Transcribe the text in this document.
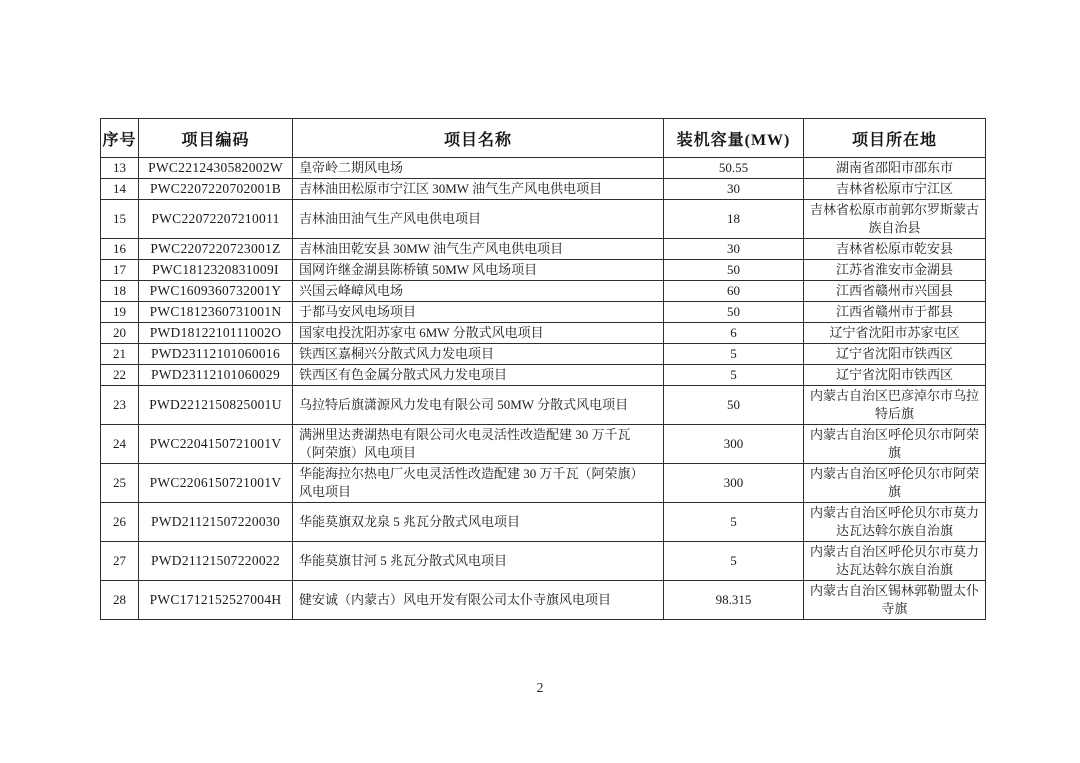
序号	项目编码	项目名称	装机容量(MW)	项目所在地
13	PWC2212430582002W	皇帝岭二期风电场	50.55	湖南省邵阳市邵东市
14	PWC2207220702001B	吉林油田松原市宁江区 30MW 油气生产风电供电项目	30	吉林省松原市宁江区
15	PWC22072207210011	吉林油田油气生产风电供电项目	18	吉林省松原市前郭尔罗斯蒙古族自治县
16	PWC2207220723001Z	吉林油田乾安县 30MW 油气生产风电供电项目	30	吉林省松原市乾安县
17	PWC1812320831009I	国网许继金湖县陈桥镇 50MW 风电场项目	50	江苏省淮安市金湖县
18	PWC1609360732001Y	兴国云峰嶂风电场	60	江西省赣州市兴国县
19	PWC1812360731001N	于都马安风电场项目	50	江西省赣州市于都县
20	PWD1812210111002O	国家电投沈阳苏家屯 6MW 分散式风电项目	6	辽宁省沈阳市苏家屯区
21	PWD23112101060016	铁西区嘉桐兴分散式风力发电项目	5	辽宁省沈阳市铁西区
22	PWD23112101060029	铁西区有色金属分散式风力发电项目	5	辽宁省沈阳市铁西区
23	PWD2212150825001U	乌拉特后旗潇源风力发电有限公司 50MW 分散式风电项目	50	内蒙古自治区巴彦淖尔市乌拉特后旗
24	PWC2204150721001V	满洲里达赉湖热电有限公司火电灵活性改造配建 30 万千瓦（阿荣旗）风电项目	300	内蒙古自治区呼伦贝尔市阿荣旗
25	PWC2206150721001V	华能海拉尔热电厂火电灵活性改造配建 30 万千瓦（阿荣旗）风电项目	300	内蒙古自治区呼伦贝尔市阿荣旗
26	PWD21121507220030	华能莫旗双龙泉 5 兆瓦分散式风电项目	5	内蒙古自治区呼伦贝尔市莫力达瓦达斡尔族自治旗
27	PWD21121507220022	华能莫旗甘河 5 兆瓦分散式风电项目	5	内蒙古自治区呼伦贝尔市莫力达瓦达斡尔族自治旗
28	PWC1712152527004H	健安诚（内蒙古）风电开发有限公司太仆寺旗风电项目	98.315	内蒙古自治区锡林郭勒盟太仆寺旗
2
